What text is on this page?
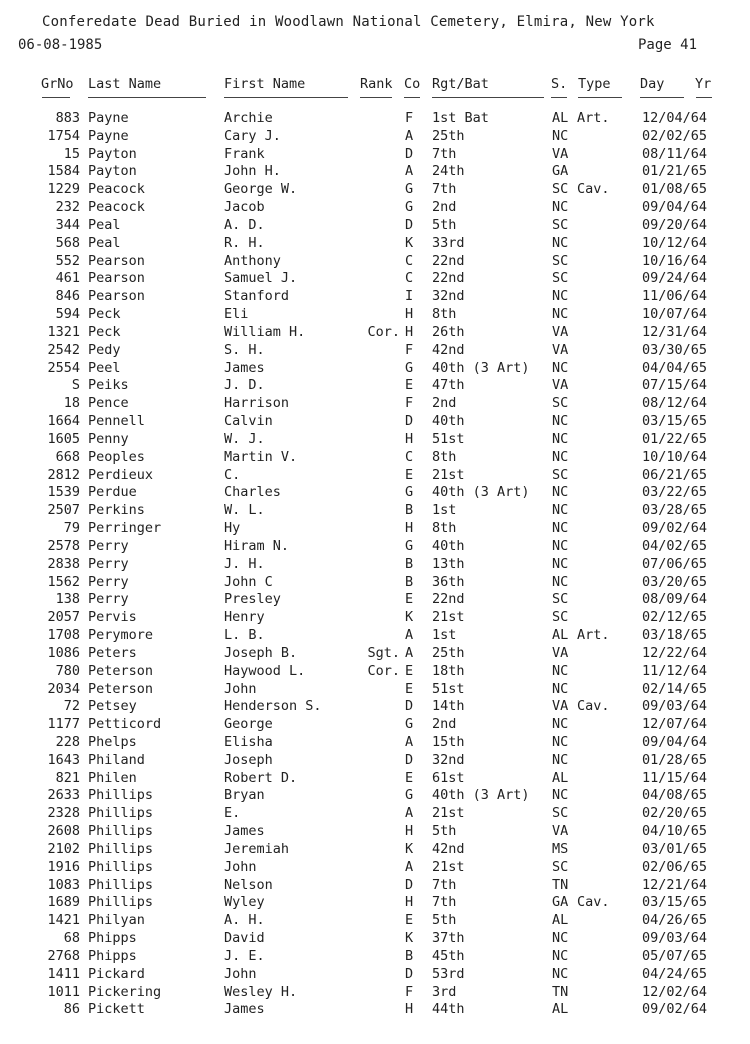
Conferedate Dead Buried in Woodlawn National Cemetery, Elmira, New York
06-08-1985	Page 41
GrNo Last Name	First Name	Rank Co Rgt/Bat	S. Type Day Yr
883 Payne	Archie	F 1st Bat	AL Art. 12/04/64
1754 Payne	Cary J.	A 25th	NC	02/02/65
15 Payton	Frank	D 7th	VA	08/11/64
1584 Payton	John H.	A 24th	GA	01/21/65
1229 Peacock	George W.	G 7th	SC Cav. 01/08/65
232 Peacock	Jacob	G 2nd	NC	09/04/64
344 Peal	A. D.	D 5th	SC	09/20/64
568 Peal	R. H.	K 33rd	NC	10/12/64
552 Pearson	Anthony	C 22nd	SC	10/16/64
461 Pearson	Samuel J.	C 22nd	SC	09/24/64
846 Pearson	Stanford	I 32nd	NC	11/06/64
594 Peck	Eli	H 8th	NC	10/07/64
1321 Peck	William H.	Cor. H 26th	VA	12/31/64
2542 Pedy	S. H.	F 42nd	VA	03/30/65
2554 Peel	James	G 40th (3 Art) NC	04/04/65
S Peiks	J. D.	E 47th	VA	07/15/64
18 Pence	Harrison	F 2nd	SC	08/12/64
1664 Pennell	Calvin	D 40th	NC	03/15/65
1605 Penny	W. J.	H 51st	NC	01/22/65
668 Peoples	Martin V.	C 8th	NC	10/10/64
2812 Perdieux	C.	E 21st	SC	06/21/65
1539 Perdue	Charles	G 40th (3 Art) NC	03/22/65
2507 Perkins	W. L.	B 1st	NC	03/28/65
79 Perringer	Hy	H 8th	NC	09/02/64
2578 Perry	Hiram N.	G 40th	NC	04/02/65
2838 Perry	J. H.	B 13th	NC	07/06/65
1562 Perry	John C	B 36th	NC	03/20/65
138 Perry	Presley	E 22nd	SC	08/09/64
2057 Pervis	Henry	K 21st	SC	02/12/65
1708 Perymore	L. B.	A 1st	AL Art. 03/18/65
1086 Peters	Joseph B.	Sgt. A 25th	VA	12/22/64
780 Peterson	Haywood L.	Cor. E 18th	NC	11/12/64
2034 Peterson	John	E 51st	NC	02/14/65
72 Petsey	Henderson S.	D 14th	VA Cav. 09/03/64
1177 Petticord	George	G 2nd	NC	12/07/64
228 Phelps	Elisha	A 15th	NC	09/04/64
1643 Philand	Joseph	D 32nd	NC	01/28/65
821 Philen	Robert D.	E 61st	AL	11/15/64
2633 Phillips	Bryan	G 40th (3 Art) NC	04/08/65
2328 Phillips	E.	A 21st	SC	02/20/65
2608 Phillips	James	H 5th	VA	04/10/65
2102 Phillips	Jeremiah	K 42nd	MS	03/01/65
1916 Phillips	John	A 21st	SC	02/06/65
1083 Phillips	Nelson	D 7th	TN	12/21/64
1689 Phillips	Wyley	H 7th	GA Cav. 03/15/65
1421 Philyan	A. H.	E 5th	AL	04/26/65
68 Phipps	David	K 37th	NC	09/03/64
2768 Phipps	J. E.	B 45th	NC	05/07/65
1411 Pickard	John	D 53rd	NC	04/24/65
1011 Pickering	Wesley H.	F 3rd	TN	12/02/64
86 Pickett	James	H 44th	AL	09/02/64
